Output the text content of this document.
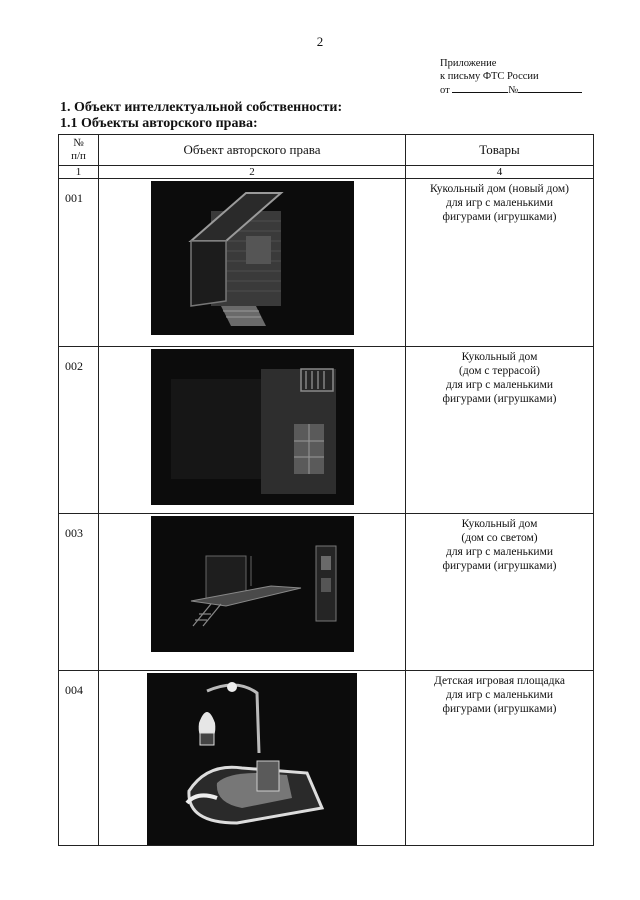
2
Приложение
к письму ФТС России
от	№
1. Объект интеллектуальной собственности:
1.1 Объекты авторского права:
№
п/п	Объект авторского права	Товары
1	2	4
001		Кукольный дом (новый дом)
для игр с маленькими
фигурами (игрушками)

002		Кукольный дом
(дом с террасой)
для игр с маленькими
фигурами (игрушками)

003		Кукольный дом
(дом со светом)
для игр с маленькими
фигурами (игрушками)

004		Детская игровая площадка
для игр с маленькими
фигурами (игрушками)
